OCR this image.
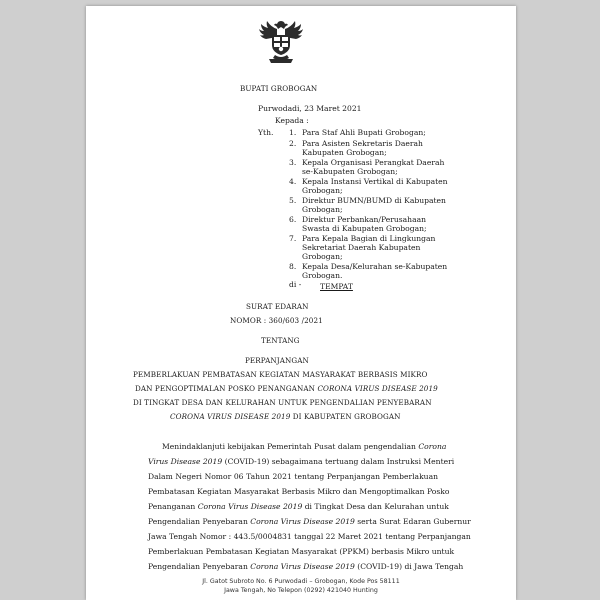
BUPATI GROBOGAN
Purwodadi, 23 Maret 2021
Kepada :
Yth. 1. Para Staf Ahli Bupati Grobogan;
2. Para Asisten Sekretaris Daerah Kabupaten Grobogan;
3. Kepala Organisasi Perangkat Daerah se-Kabupaten Grobogan;
4. Kepala Instansi Vertikal di Kabupaten Grobogan;
5. Direktur BUMN/BUMD di Kabupaten Grobogan;
6. Direktur Perbankan/Perusahaan Swasta di Kabupaten Grobogan;
7. Para Kepala Bagian di Lingkungan Sekretariat Daerah Kabupaten Grobogan;
8. Kepala Desa/Kelurahan se-Kabupaten Grobogan.
di - TEMPAT
SURAT EDARAN
NOMOR : 360/603 /2021
TENTANG
PERPANJANGAN
PEMBERLAKUAN PEMBATASAN KEGIATAN MASYARAKAT BERBASIS MIKRO
DAN PENGOPTIMALAN POSKO PENANGANAN CORONA VIRUS DISEASE 2019
DI TINGKAT DESA DAN KELURAHAN UNTUK PENGENDALIAN PENYEBARAN
CORONA VIRUS DISEASE 2019 DI KABUPATEN GROBOGAN
Menindaklanjuti kebijakan Pemerintah Pusat dalam pengendalian Corona
Virus Disease 2019 (COVID-19) sebagaimana tertuang dalam Instruksi Menteri
Dalam Negeri Nomor 06 Tahun 2021 tentang Perpanjangan Pemberlakuan
Pembatasan Kegiatan Masyarakat Berbasis Mikro dan Mengoptimalkan Posko
Penanganan Corona Virus Disease 2019 di Tingkat Desa dan Kelurahan untuk
Pengendalian Penyebaran Corona Virus Disease 2019 serta Surat Edaran Gubernur
Jawa Tengah Nomor : 443.5/0004831 tanggal 22 Maret 2021 tentang Perpanjangan
Pemberlakuan Pembatasan Kegiatan Masyarakat (PPKM) berbasis Mikro untuk
Pengendalian Penyebaran Corona Virus Disease 2019 (COVID-19) di Jawa Tengah
Jl. Gatot Subroto No. 6 Purwodadi – Grobogan, Kode Pos 58111
Jawa Tengah, No Telepon (0292) 421040 Hunting
